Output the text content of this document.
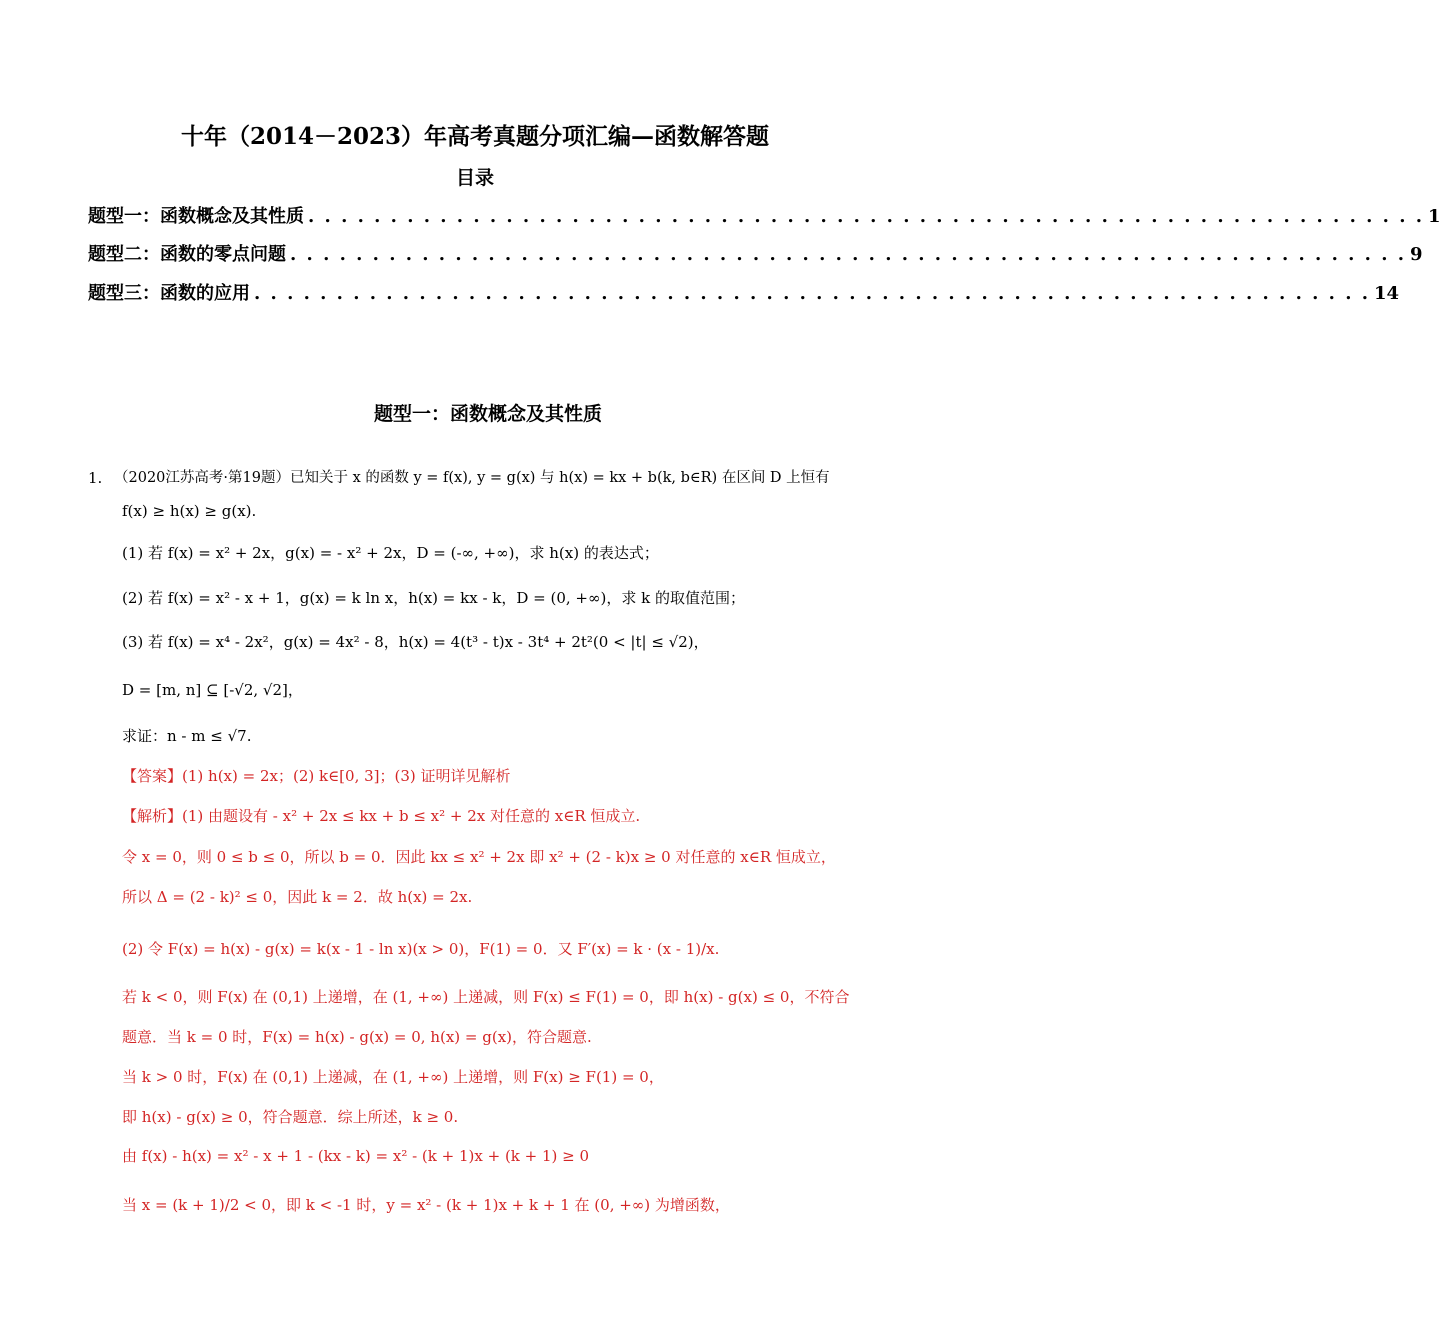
十年（2014－2023）年高考真题分项汇编—函数解答题
目录
题型一：函数概念及其性质 . . . . . . . . . . . . . . . . . . . . . . . . . . . . . . . . . . . . . . . . . . . . . . . . . . . . . . . . . . . . . . . . . . . . 1
题型二：函数的零点问题 . . . . . . . . . . . . . . . . . . . . . . . . . . . . . . . . . . . . . . . . . . . . . . . . . . . . . . . . . . . . . . . . . . . . 9
题型三：函数的应用 . . . . . . . . . . . . . . . . . . . . . . . . . . . . . . . . . . . . . . . . . . . . . . . . . . . . . . . . . . . . . . . . . . . . 14
题型一：函数概念及其性质
1. （2020江苏高考·第19题）已知关于 x 的函数 y = f(x), y = g(x) 与 h(x) = kx + b(k, b∈R) 在区间 D 上恒有
f(x) ≥ h(x) ≥ g(x).
(1) 若 f(x) = x² + 2x，g(x) = - x² + 2x，D = (-∞, +∞)，求 h(x) 的表达式；
(2) 若 f(x) = x² - x + 1，g(x) = k ln x，h(x) = kx - k，D = (0, +∞)，求 k 的取值范围；
(3) 若 f(x) = x⁴ - 2x²，g(x) = 4x² - 8，h(x) = 4(t³ - t)x - 3t⁴ + 2t²(0 < |t| ≤ √2)，
D = [m, n] ⊆ [-√2, √2]，
求证：n - m ≤ √7.
【答案】(1) h(x) = 2x；(2) k∈[0, 3]；(3) 证明详见解析
【解析】(1) 由题设有 - x² + 2x ≤ kx + b ≤ x² + 2x 对任意的 x∈R 恒成立.
令 x = 0，则 0 ≤ b ≤ 0，所以 b = 0．因此 kx ≤ x² + 2x 即 x² + (2 - k)x ≥ 0 对任意的 x∈R 恒成立，
所以 Δ = (2 - k)² ≤ 0，因此 k = 2．故 h(x) = 2x.
(2) 令 F(x) = h(x) - g(x) = k(x - 1 - ln x)(x > 0)，F(1) = 0．又 F′(x) = k · (x - 1)/x.
若 k < 0，则 F(x) 在 (0,1) 上递增，在 (1, +∞) 上递减，则 F(x) ≤ F(1) = 0，即 h(x) - g(x) ≤ 0，不符合
题意．当 k = 0 时，F(x) = h(x) - g(x) = 0, h(x) = g(x)，符合题意.
当 k > 0 时，F(x) 在 (0,1) 上递减，在 (1, +∞) 上递增，则 F(x) ≥ F(1) = 0，
即 h(x) - g(x) ≥ 0，符合题意．综上所述，k ≥ 0.
由 f(x) - h(x) = x² - x + 1 - (kx - k) = x² - (k + 1)x + (k + 1) ≥ 0
当 x = (k + 1)/2 < 0，即 k < -1 时，y = x² - (k + 1)x + k + 1 在 (0, +∞) 为增函数，
